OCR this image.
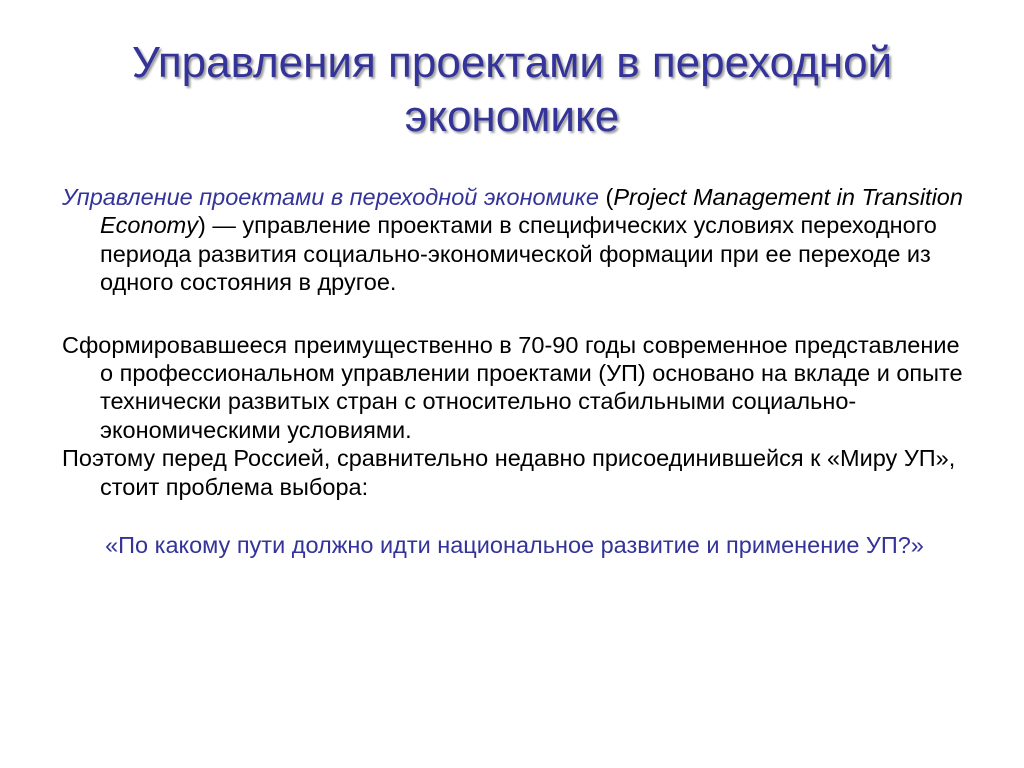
Управления проектами в переходной экономике

Управление проектами в переходной экономике (Project Management in Transition Economy) — управление проектами в специфических условиях переходного периода развития социально-экономической формации при ее переходе из одного состояния в другое.

Сформировавшееся преимущественно в 70-90 годы современное представление о профессиональном управлении проектами (УП) основано на вкладе и опыте технически развитых стран с относительно стабильными социально-экономическими условиями.

Поэтому перед Россией, сравнительно недавно присоединившейся к «Миру УП», стоит проблема выбора:

«По какому пути должно идти национальное развитие и применение УП?»
